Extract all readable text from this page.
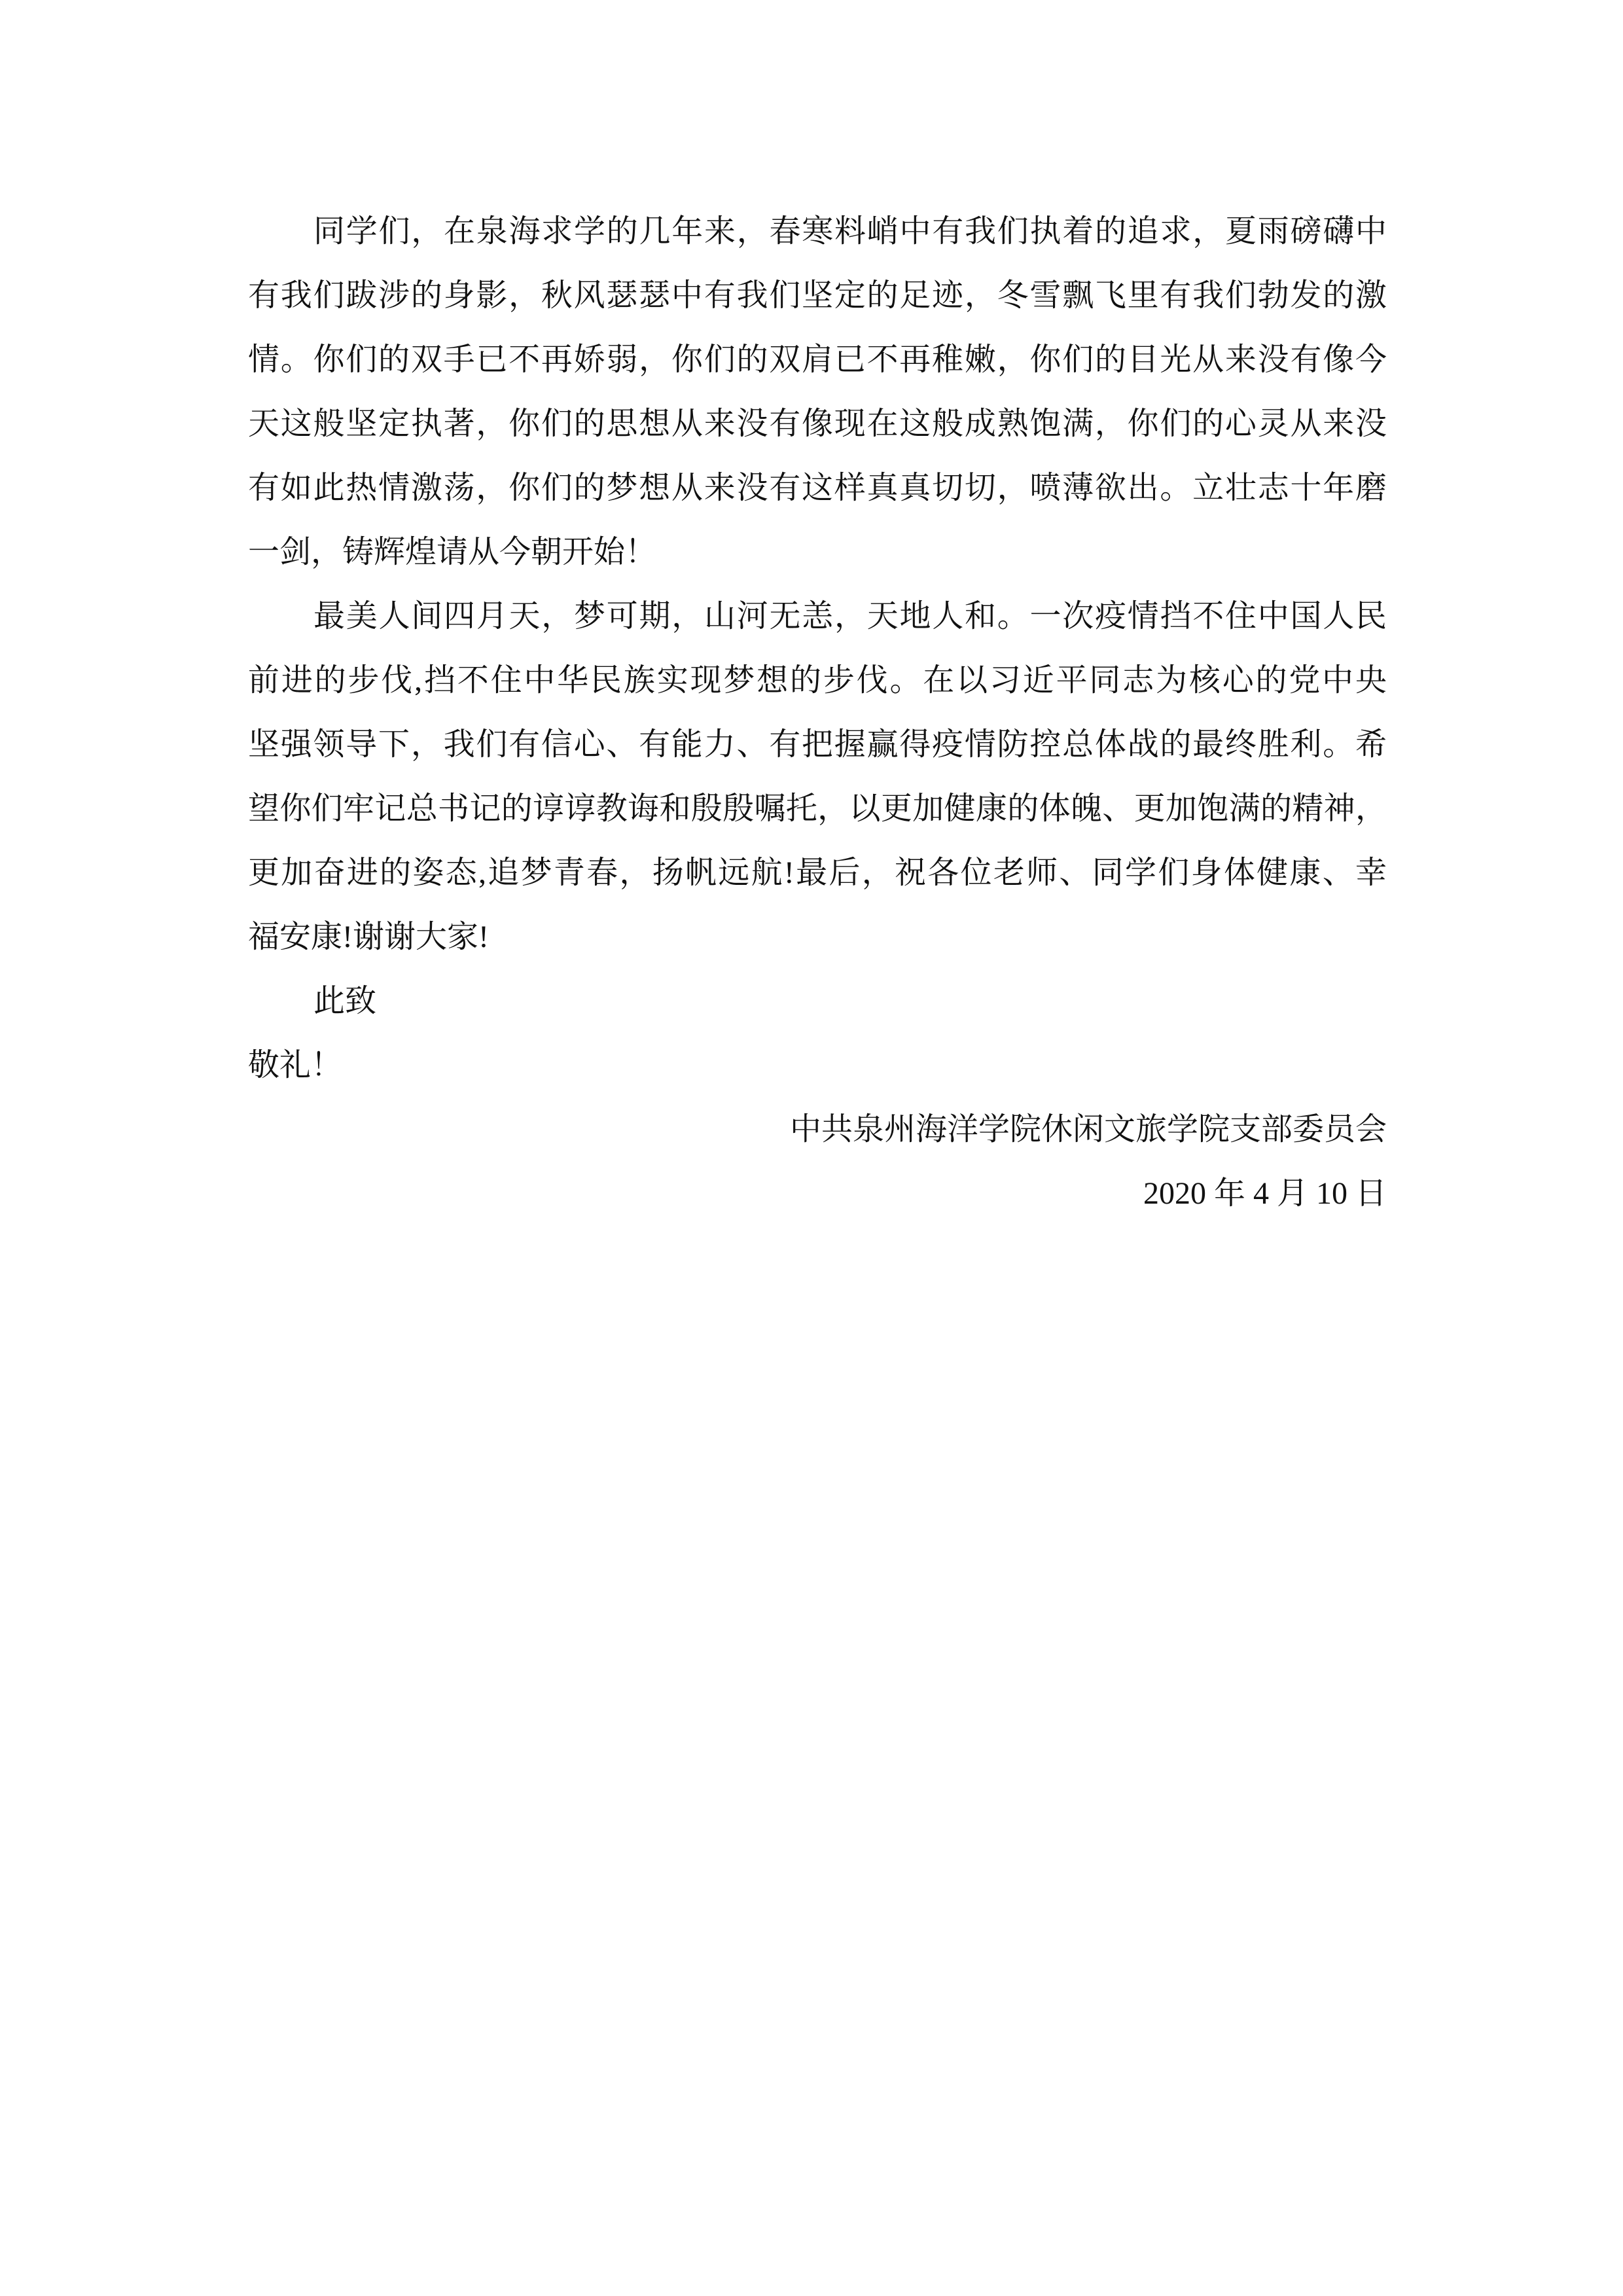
同学们，在泉海求学的几年来，春寒料峭中有我们执着的追求，夏雨磅礴中
有我们跋涉的身影，秋风瑟瑟中有我们坚定的足迹，冬雪飘飞里有我们勃发的激
情。你们的双手已不再娇弱，你们的双肩已不再稚嫩，你们的目光从来没有像今
天这般坚定执著，你们的思想从来没有像现在这般成熟饱满，你们的心灵从来没
有如此热情激荡，你们的梦想从来没有这样真真切切，喷薄欲出。立壮志十年磨
一剑，铸辉煌请从今朝开始！
最美人间四月天，梦可期，山河无恙，天地人和。一次疫情挡不住中国人民
前进的步伐,挡不住中华民族实现梦想的步伐。在以习近平同志为核心的党中央
坚强领导下，我们有信心、有能力、有把握赢得疫情防控总体战的最终胜利。希
望你们牢记总书记的谆谆教诲和殷殷嘱托，以更加健康的体魄、更加饱满的精神，
更加奋进的姿态,追梦青春，扬帆远航!最后，祝各位老师、同学们身体健康、幸
福安康!谢谢大家!
此致
敬礼！
中共泉州海洋学院休闲文旅学院支部委员会
2020 年 4 月 10 日
